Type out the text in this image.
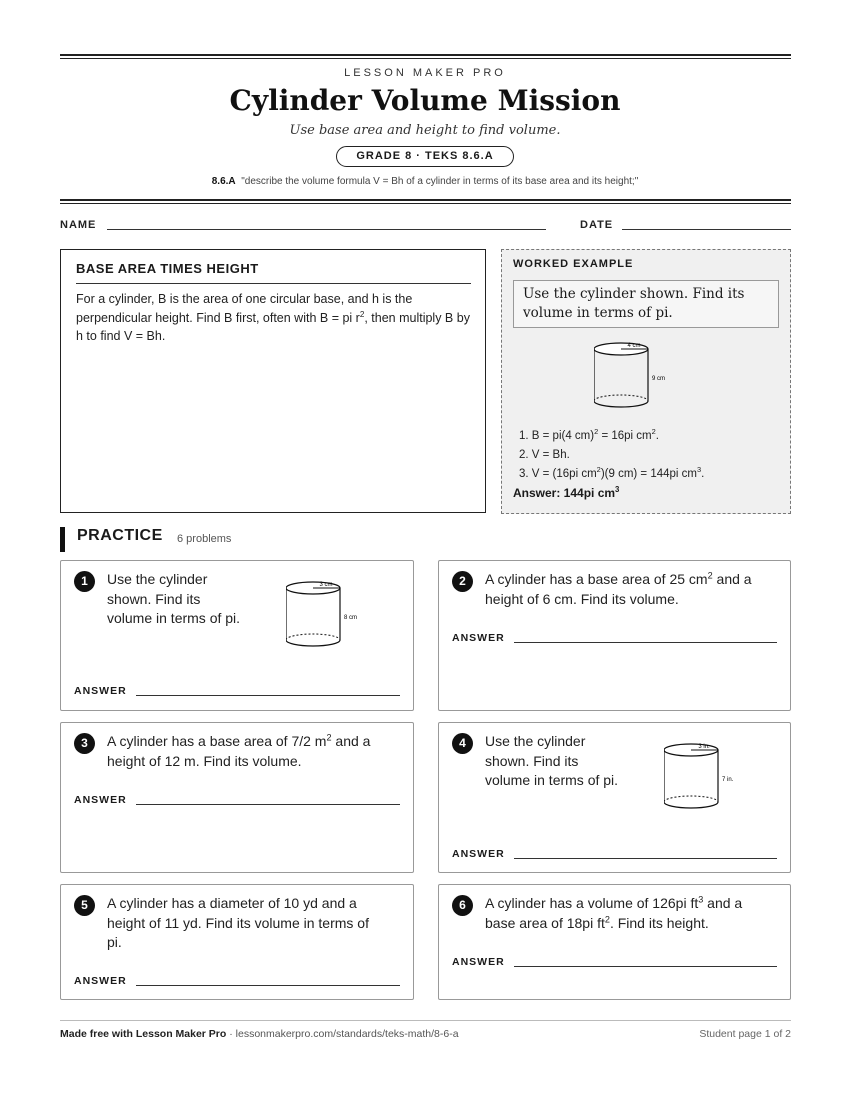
LESSON MAKER PRO
Cylinder Volume Mission
Use base area and height to find volume.
GRADE 8 · TEKS 8.6.A
8.6.A "describe the volume formula V = Bh of a cylinder in terms of its base area and its height;"
NAME	DATE
BASE AREA TIMES HEIGHT

For a cylinder, B is the area of one circular base, and h is the perpendicular height. Find B first, often with B = pi $r^2$, then multiply B by h to find V = Bh.

WORKED EXAMPLE
Use the cylinder shown. Find its volume in terms of pi.
4 cm
9 cm
1. B = pi(4 cm)$^2$ = 16pi $cm^2$.
2. V = Bh.
3. V = (16pi $cm^2)(9$ cm) = 144pi $cm^3$.
Answer: 144pi $cm^3$
PRACTICE 6 problems
1	Use the cylinder
shown. Find its
volume in terms of pi.
3 cm
8 cm
ANSWER
2	A cylinder has a base area of 25 $cm^2$ and a
height of 6 cm. Find its volume.
ANSWER
3	A cylinder has a base area of 7/2 $m^2$ and a
height of 12 m. Find its volume.
ANSWER
4	Use the cylinder
shown. Find its
volume in terms of pi.
3 in.
7 in.
ANSWER
5	A cylinder has a diameter of 10 yd and a
height of 11 yd. Find its volume in terms of
pi.
ANSWER
6	A cylinder has a volume of 126pi $ft^3$ and a
base area of 18pi $ft^2$. Find its height.
ANSWER
Made free with Lesson Maker Pro · lessonmakerpro.com/standards/teks-math/8-6-a	Student page 1 of 2
